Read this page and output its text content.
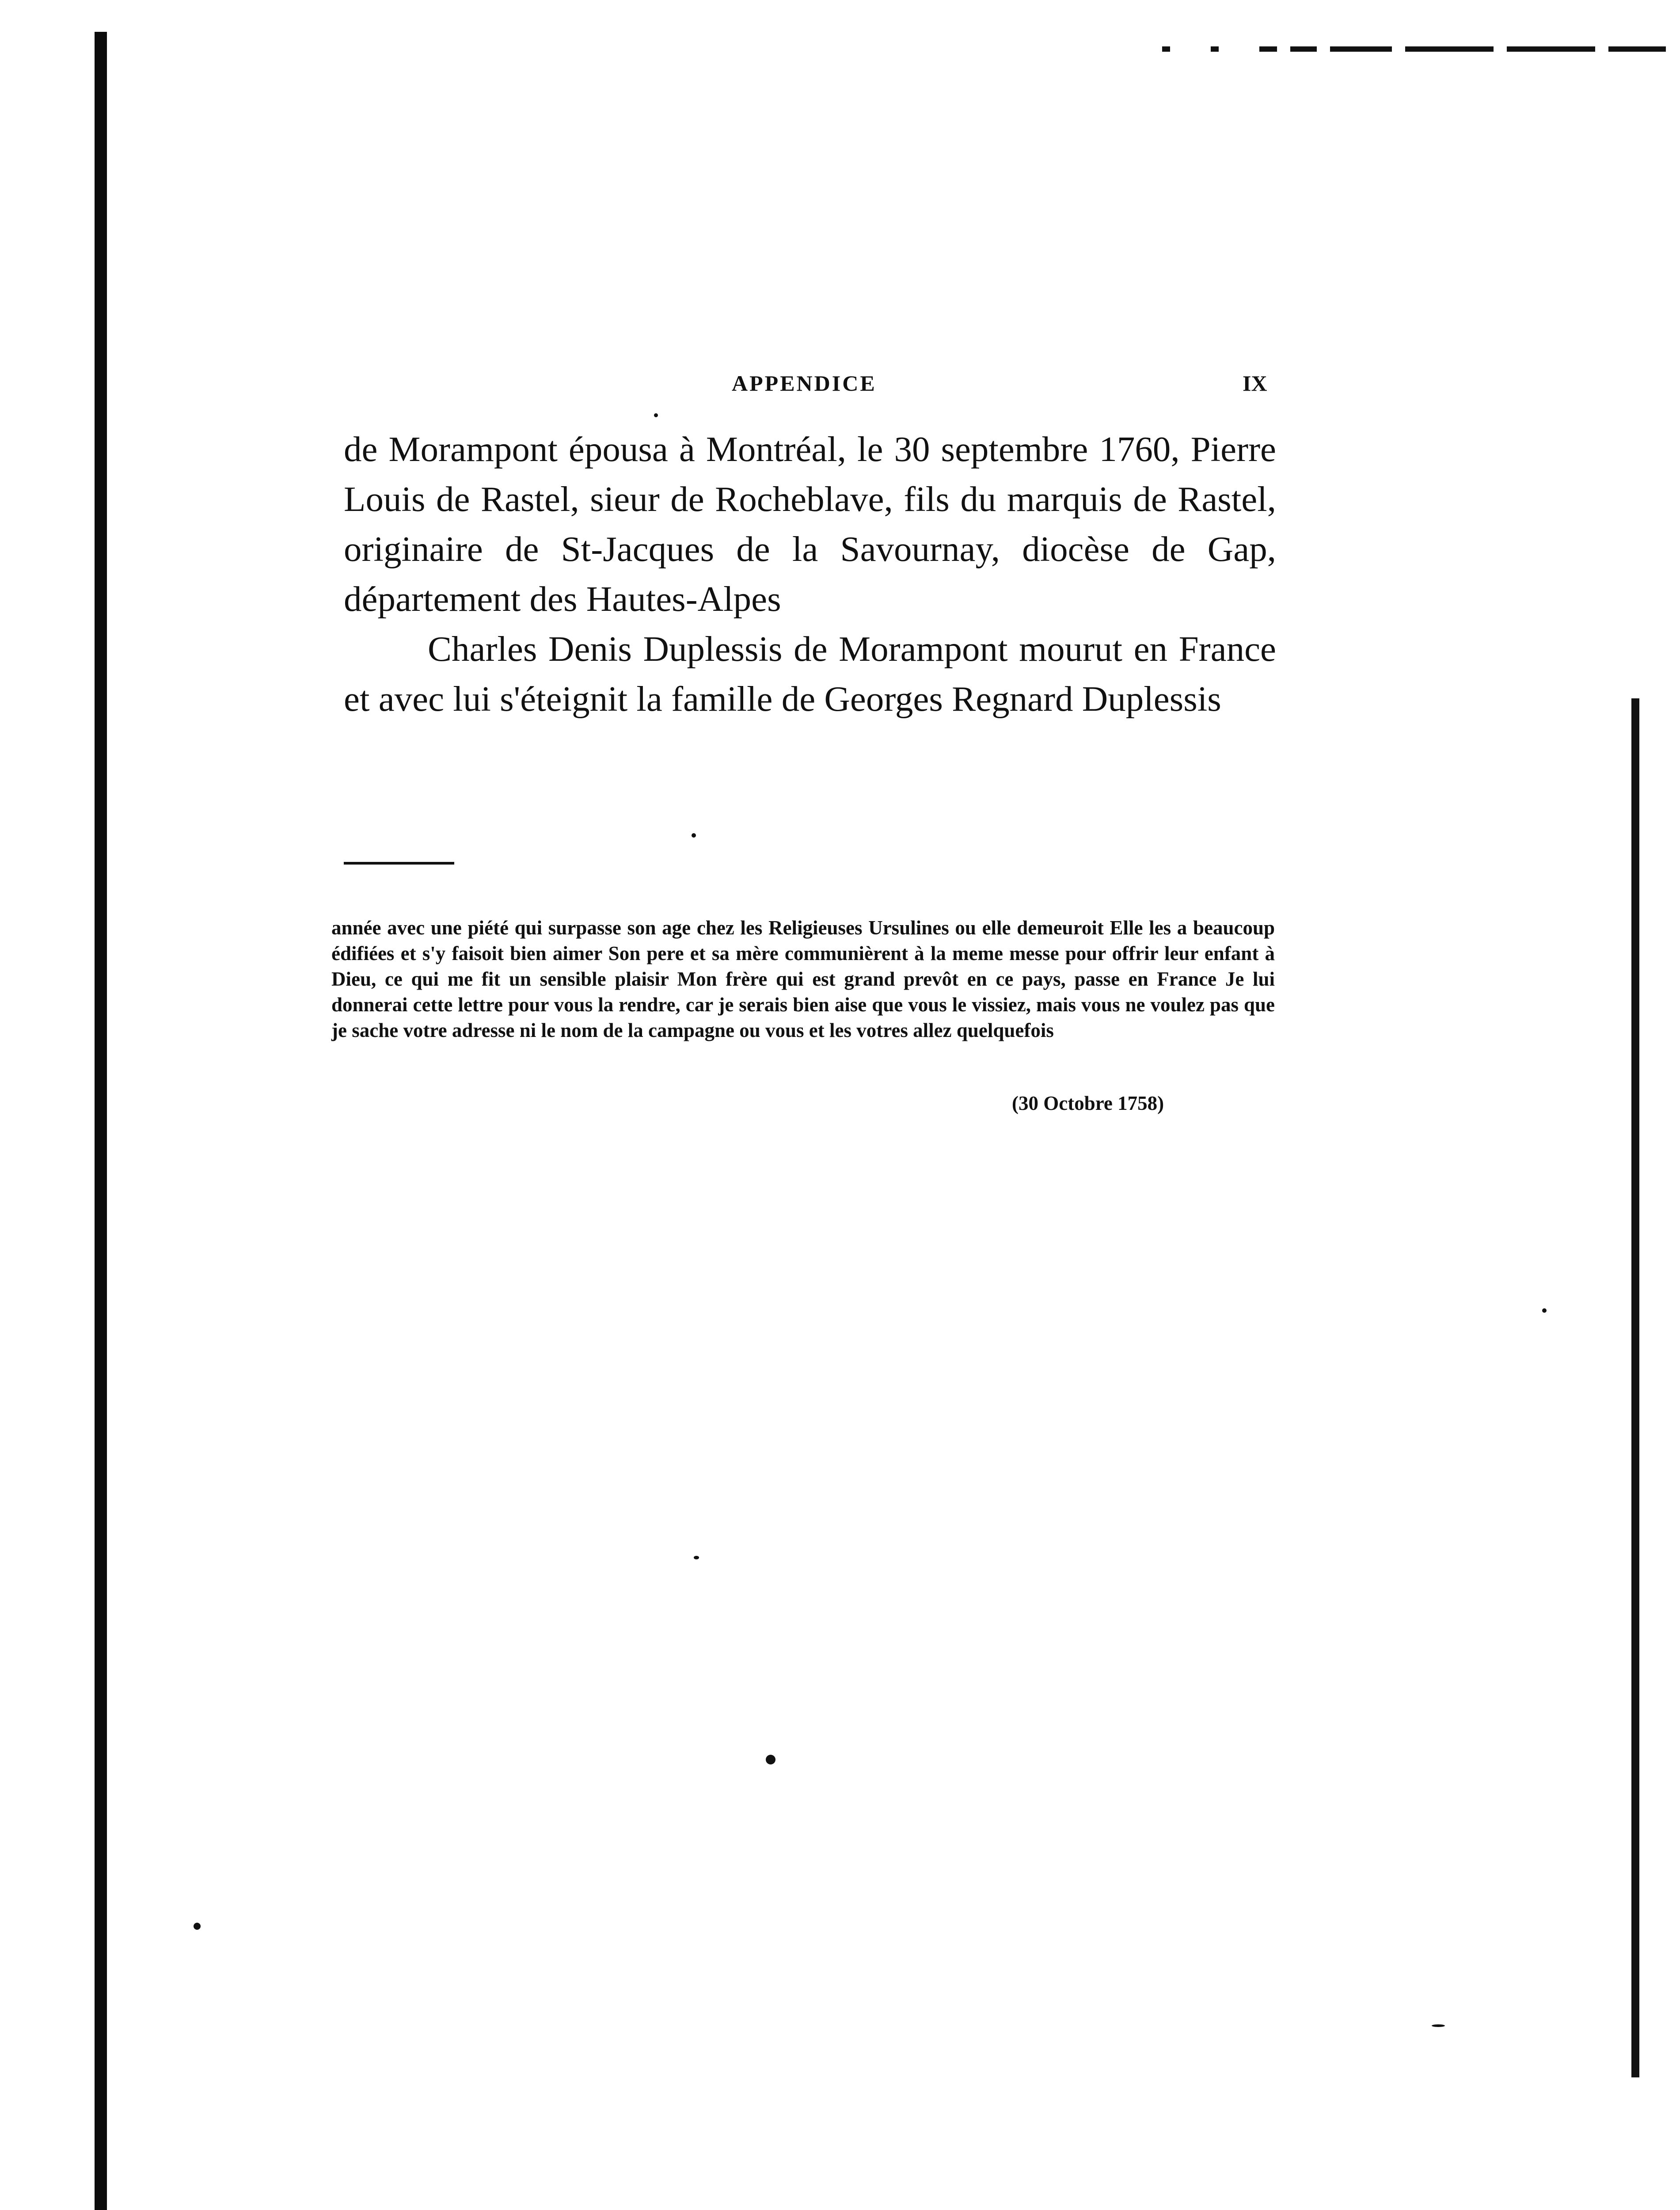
APPENDICE	IX

de Morampont épousa à Montréal, le 30 septembre 1760, Pierre Louis de Rastel, sieur de Rocheblave, fils du marquis de Rastel, originaire de St-Jacques de la Savournay, diocèse de Gap, département des Hautes-Alpes

Charles Denis Duplessis de Morampont mourut en France et avec lui s'éteignit la famille de Georges Regnard Duplessis

année avec une piété qui surpasse son age chez les Religieuses Ursulines ou elle demeuroit Elle les a beaucoup édifiées et s'y faisoit bien aimer Son pere et sa mère communièrent à la meme messe pour offrir leur enfant à Dieu, ce qui me fit un sensible plaisir Mon frère qui est grand prevôt en ce pays, passe en France Je lui donnerai cette lettre pour vous la rendre, car je serais bien aise que vous le vissiez, mais vous ne voulez pas que je sache votre adresse ni le nom de la campagne ou vous et les votres allez quelquefois
(30 Octobre 1758)
